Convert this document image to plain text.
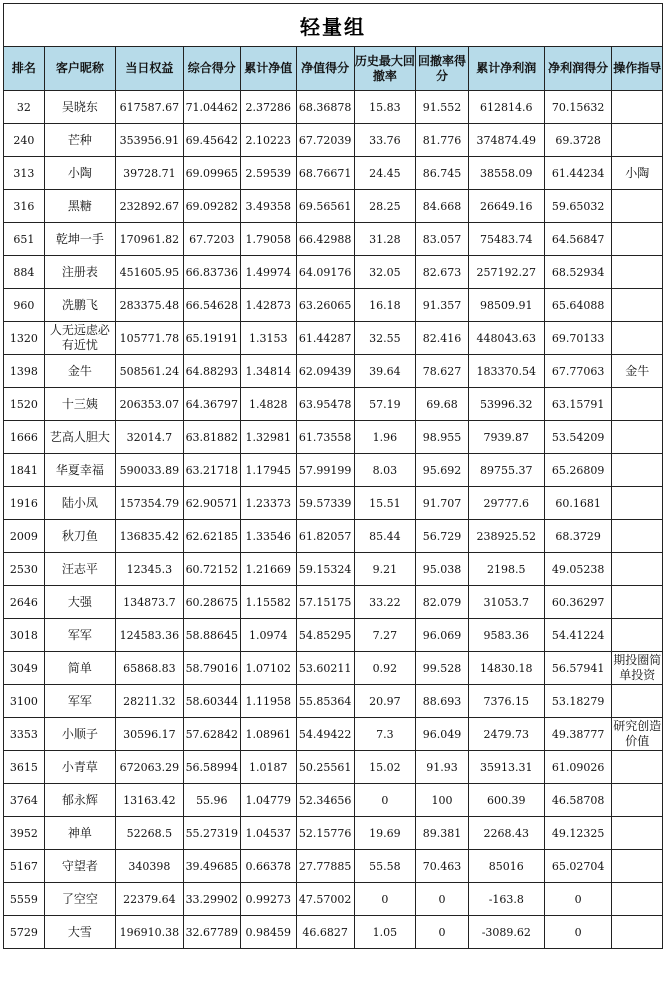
轻量组										
排名	客户昵称	当日权益	综合得分	累计净值	净值得分	历史最大回撤率	回撤率得分	累计净利润	净利润得分	操作指导
32	吴晓东	617587.67	71.04462	2.37286	68.36878	15.83	91.552	612814.6	70.15632	
240	芒种	353956.91	69.45642	2.10223	67.72039	33.76	81.776	374874.49	69.3728	
313	小陶	39728.71	69.09965	2.59539	68.76671	24.45	86.745	38558.09	61.44234	小陶
316	黑糖	232892.67	69.09282	3.49358	69.56561	28.25	84.668	26649.16	59.65032	
651	乾坤一手	170961.82	67.7203	1.79058	66.42988	31.28	83.057	75483.74	64.56847	
884	注册表	451605.95	66.83736	1.49974	64.09176	32.05	82.673	257192.27	68.52934	
960	冼鹏飞	283375.48	66.54628	1.42873	63.26065	16.18	91.357	98509.91	65.64088	
1320	人无远虑必有近忧	105771.78	65.19191	1.3153	61.44287	32.55	82.416	448043.63	69.70133	
1398	金牛	508561.24	64.88293	1.34814	62.09439	39.64	78.627	183370.54	67.77063	金牛
1520	十三姨	206353.07	64.36797	1.4828	63.95478	57.19	69.68	53996.32	63.15791	
1666	艺高人胆大	32014.7	63.81882	1.32981	61.73558	1.96	98.955	7939.87	53.54209	
1841	华夏幸福	590033.89	63.21718	1.17945	57.99199	8.03	95.692	89755.37	65.26809	
1916	陆小凤	157354.79	62.90571	1.23373	59.57339	15.51	91.707	29777.6	60.1681	
2009	秋刀鱼	136835.42	62.62185	1.33546	61.82057	85.44	56.729	238925.52	68.3729	
2530	汪志平	12345.3	60.72152	1.21669	59.15324	9.21	95.038	2198.5	49.05238	
2646	大强	134873.7	60.28675	1.15582	57.15175	33.22	82.079	31053.7	60.36297	
3018	军军	124583.36	58.88645	1.0974	54.85295	7.27	96.069	9583.36	54.41224	
3049	简单	65868.83	58.79016	1.07102	53.60211	0.92	99.528	14830.18	56.57941	期投圈简单投资
3100	军军	28211.32	58.60344	1.11958	55.85364	20.97	88.693	7376.15	53.18279	
3353	小顺子	30596.17	57.62842	1.08961	54.49422	7.3	96.049	2479.73	49.38777	研究创造价值
3615	小青草	672063.29	56.58994	1.0187	50.25561	15.02	91.93	35913.31	61.09026	
3764	郁永辉	13163.42	55.96	1.04779	52.34656	0	100	600.39	46.58708	
3952	神单	52268.5	55.27319	1.04537	52.15776	19.69	89.381	2268.43	49.12325	
5167	守望者	340398	39.49685	0.66378	27.77885	55.58	70.463	85016	65.02704	
5559	了空空	22379.64	33.29902	0.99273	47.57002	0	0	-163.8	0	
5729	大雪	196910.38	32.67789	0.98459	46.6827	1.05	0	-3089.62	0	
